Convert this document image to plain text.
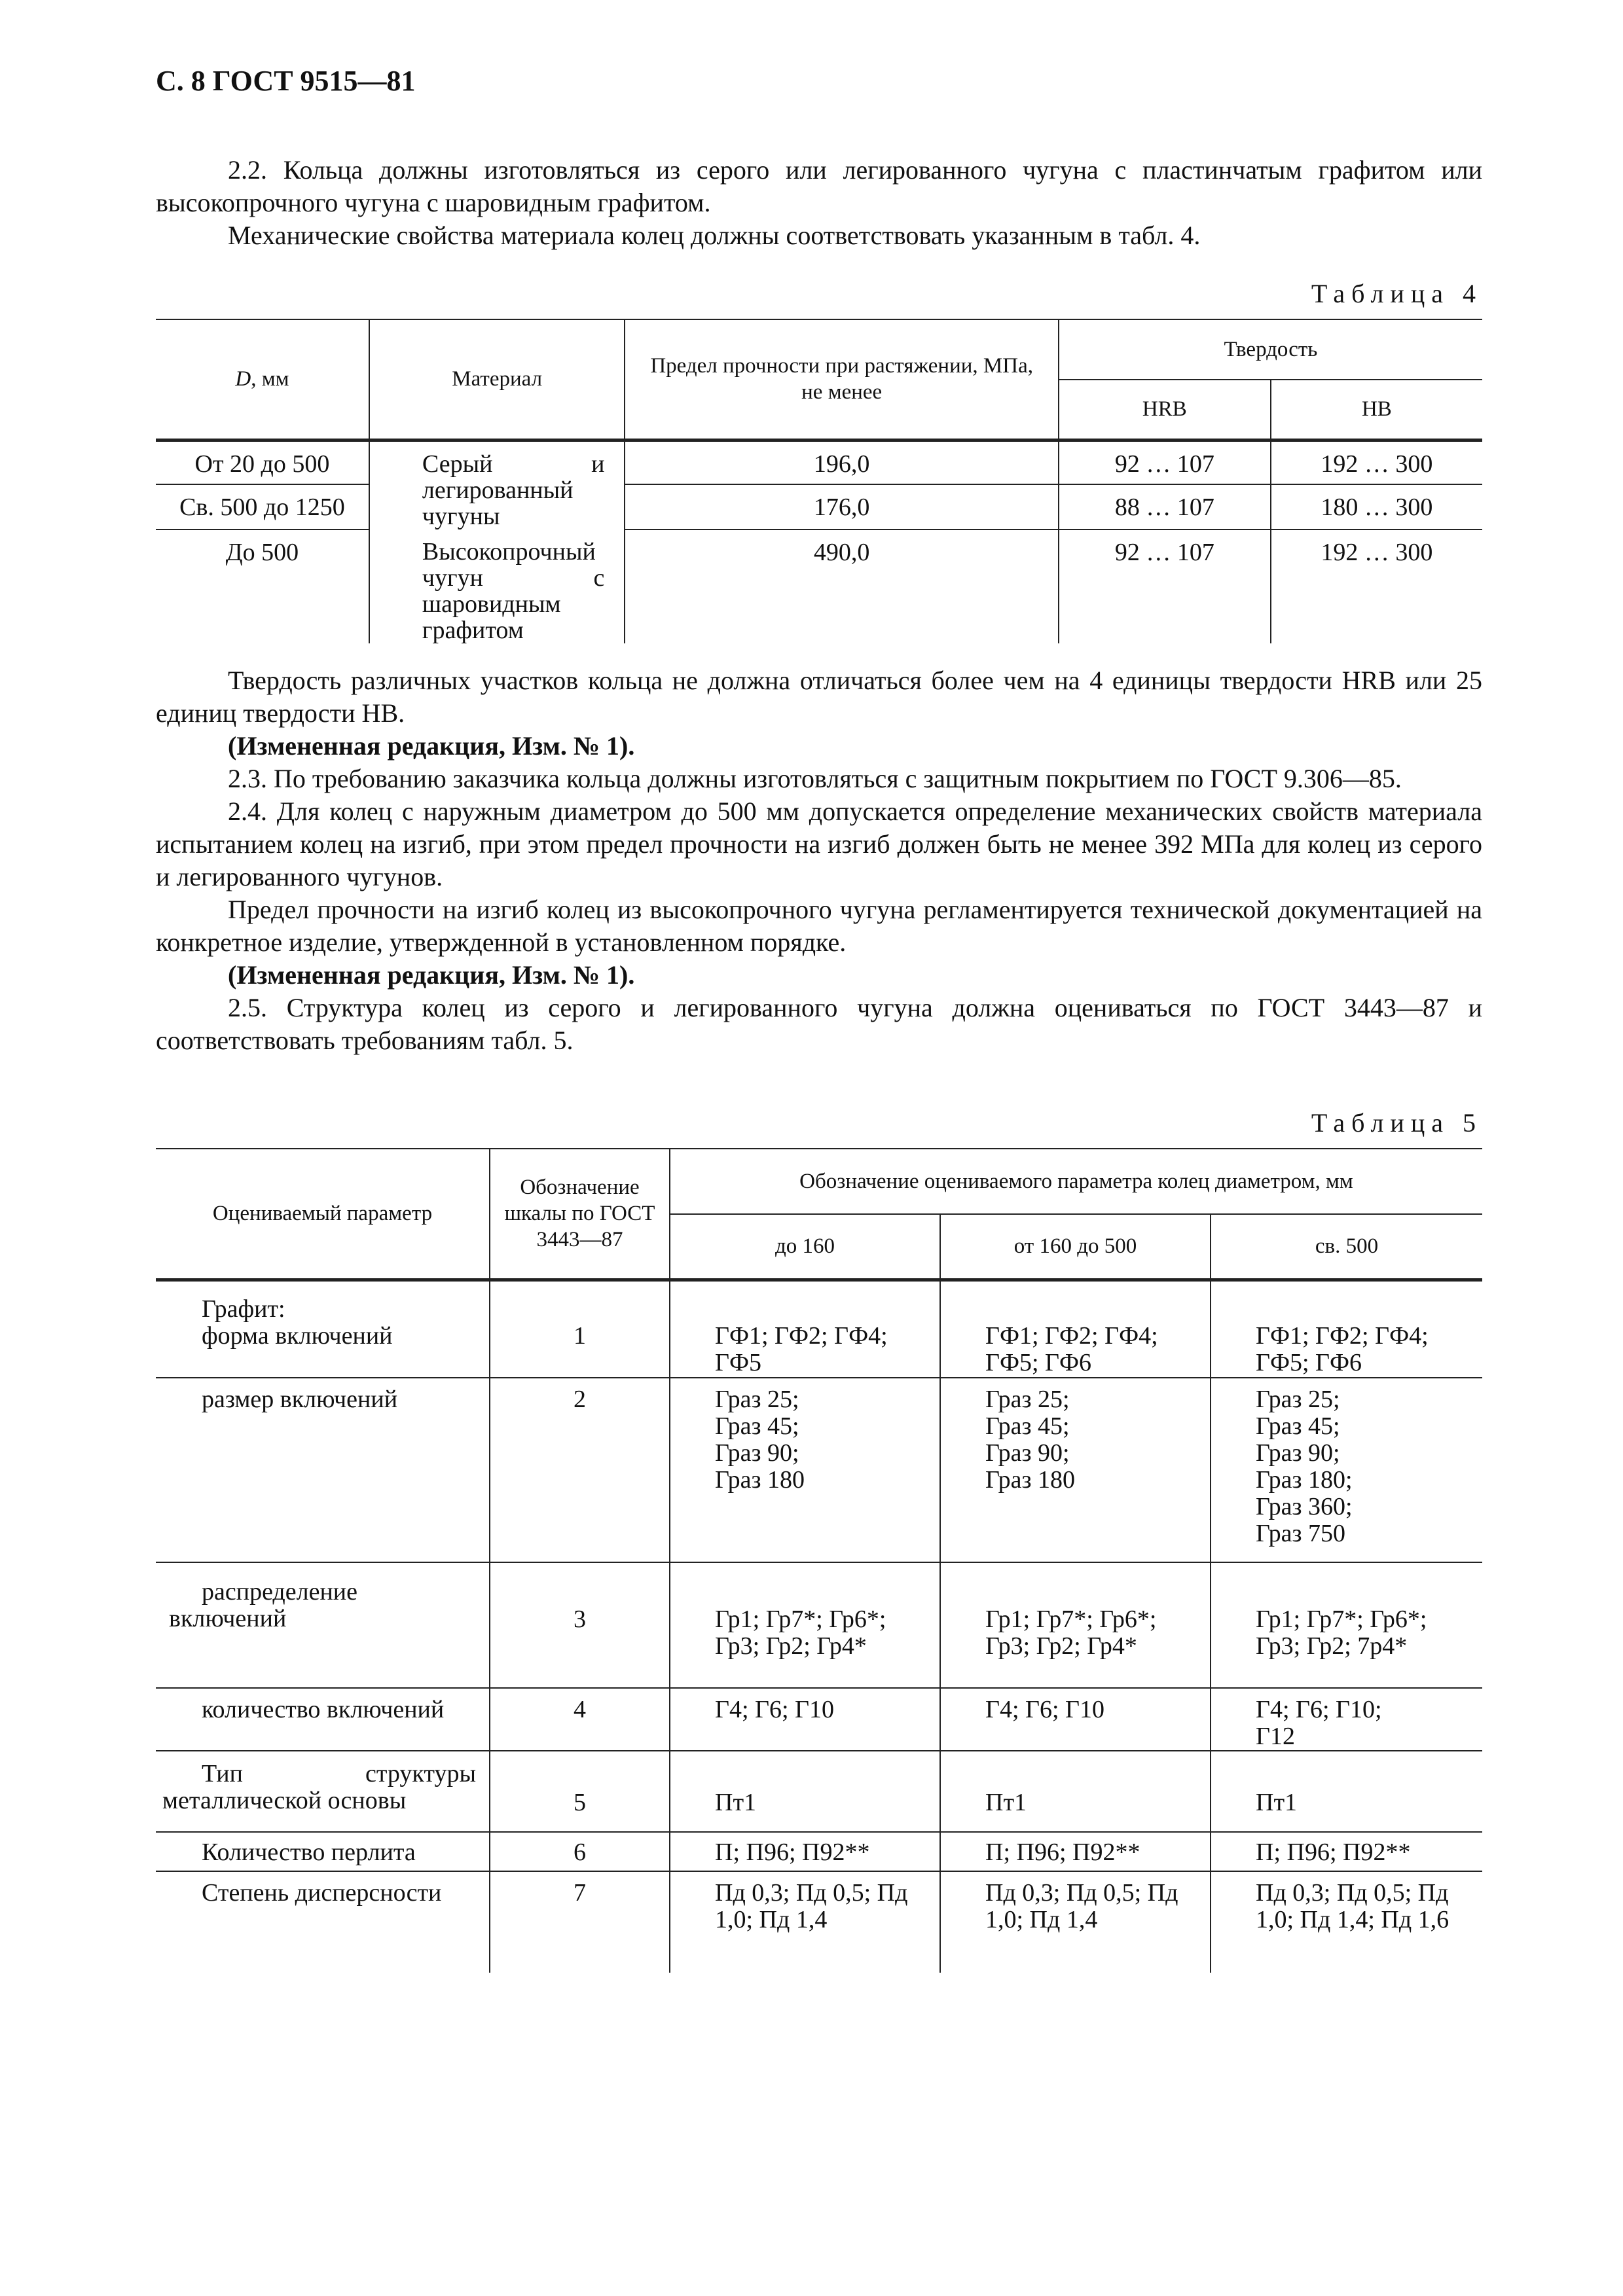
С. 8 ГОСТ 9515—81

2.2. Кольца должны изготовляться из серого или легированного чугуна с пластинчатым графитом или высокопрочного чугуна с шаровидным графитом.

Механические свойства материала колец должны соответствовать указанным в табл. 4.

Таблица 4
D, мм	Материал	Предел прочности при растяжении, МПа, не менее	Твердость	
			HRB	HB
От 20 до 500	Серый и легированный чугуны	196,0	92 … 107	192 … 300
Св. 500 до 1250		176,0	88 … 107	180 … 300
До 500	Высокопрочный чугун с шаровидным графитом	490,0	92 … 107	192 … 300

Твердость различных участков кольца не должна отличаться более чем на 4 единицы твердости HRB или 25 единиц твердости HB.

(Измененная редакция, Изм. № 1).

2.3. По требованию заказчика кольца должны изготовляться с защитным покрытием по ГОСТ 9.306—85.

2.4. Для колец с наружным диаметром до 500 мм допускается определение механических свойств материала испытанием колец на изгиб, при этом предел прочности на изгиб должен быть не менее 392 МПа для колец из серого и легированного чугунов.

Предел прочности на изгиб колец из высокопрочного чугуна регламентируется технической документацией на конкретное изделие, утвержденной в установленном порядке.

(Измененная редакция, Изм. № 1).

2.5. Структура колец из серого и легированного чугуна должна оцениваться по ГОСТ 3443—87 и соответствовать требованиям табл. 5.

Таблица 5
Оцениваемый параметр	Обозначение шкалы по ГОСТ 3443—87	Обозначение оцениваемого параметра колец диаметром, мм		
		до 160	от 160 до 500	св. 500
Графит:
форма включений	1	ГФ1; ГФ2; ГФ4; ГФ5	ГФ1; ГФ2; ГФ4; ГФ5; ГФ6	ГФ1; ГФ2; ГФ4; ГФ5; ГФ6
размер включений	2	Граз 25; Граз 45; Граз 90; Граз 180	Граз 25; Граз 45; Граз 90; Граз 180	Граз 25; Граз 45; Граз 90; Граз 180; Граз 360; Граз 750
распределение включений	3	Гр1; Гр7*; Гр6*; Гр3; Гр2; Гр4*	Гр1; Гр7*; Гр6*; Гр3; Гр2; Гр4*	Гр1; Гр7*; Гр6*; Гр3; Гр2; 7р4*
количество включений	4	Г4; Г6; Г10	Г4; Г6; Г10	Г4; Г6; Г10; Г12
Тип структуры металлической основы	5	Пт1	Пт1	Пт1
Количество перлита	6	П; П96; П92**	П; П96; П92**	П; П96; П92**
Степень дисперсности	7	Пд 0,3; Пд 0,5; Пд 1,0; Пд 1,4	Пд 0,3; Пд 0,5; Пд 1,0; Пд 1,4	Пд 0,3; Пд 0,5; Пд 1,0; Пд 1,4; Пд 1,6
